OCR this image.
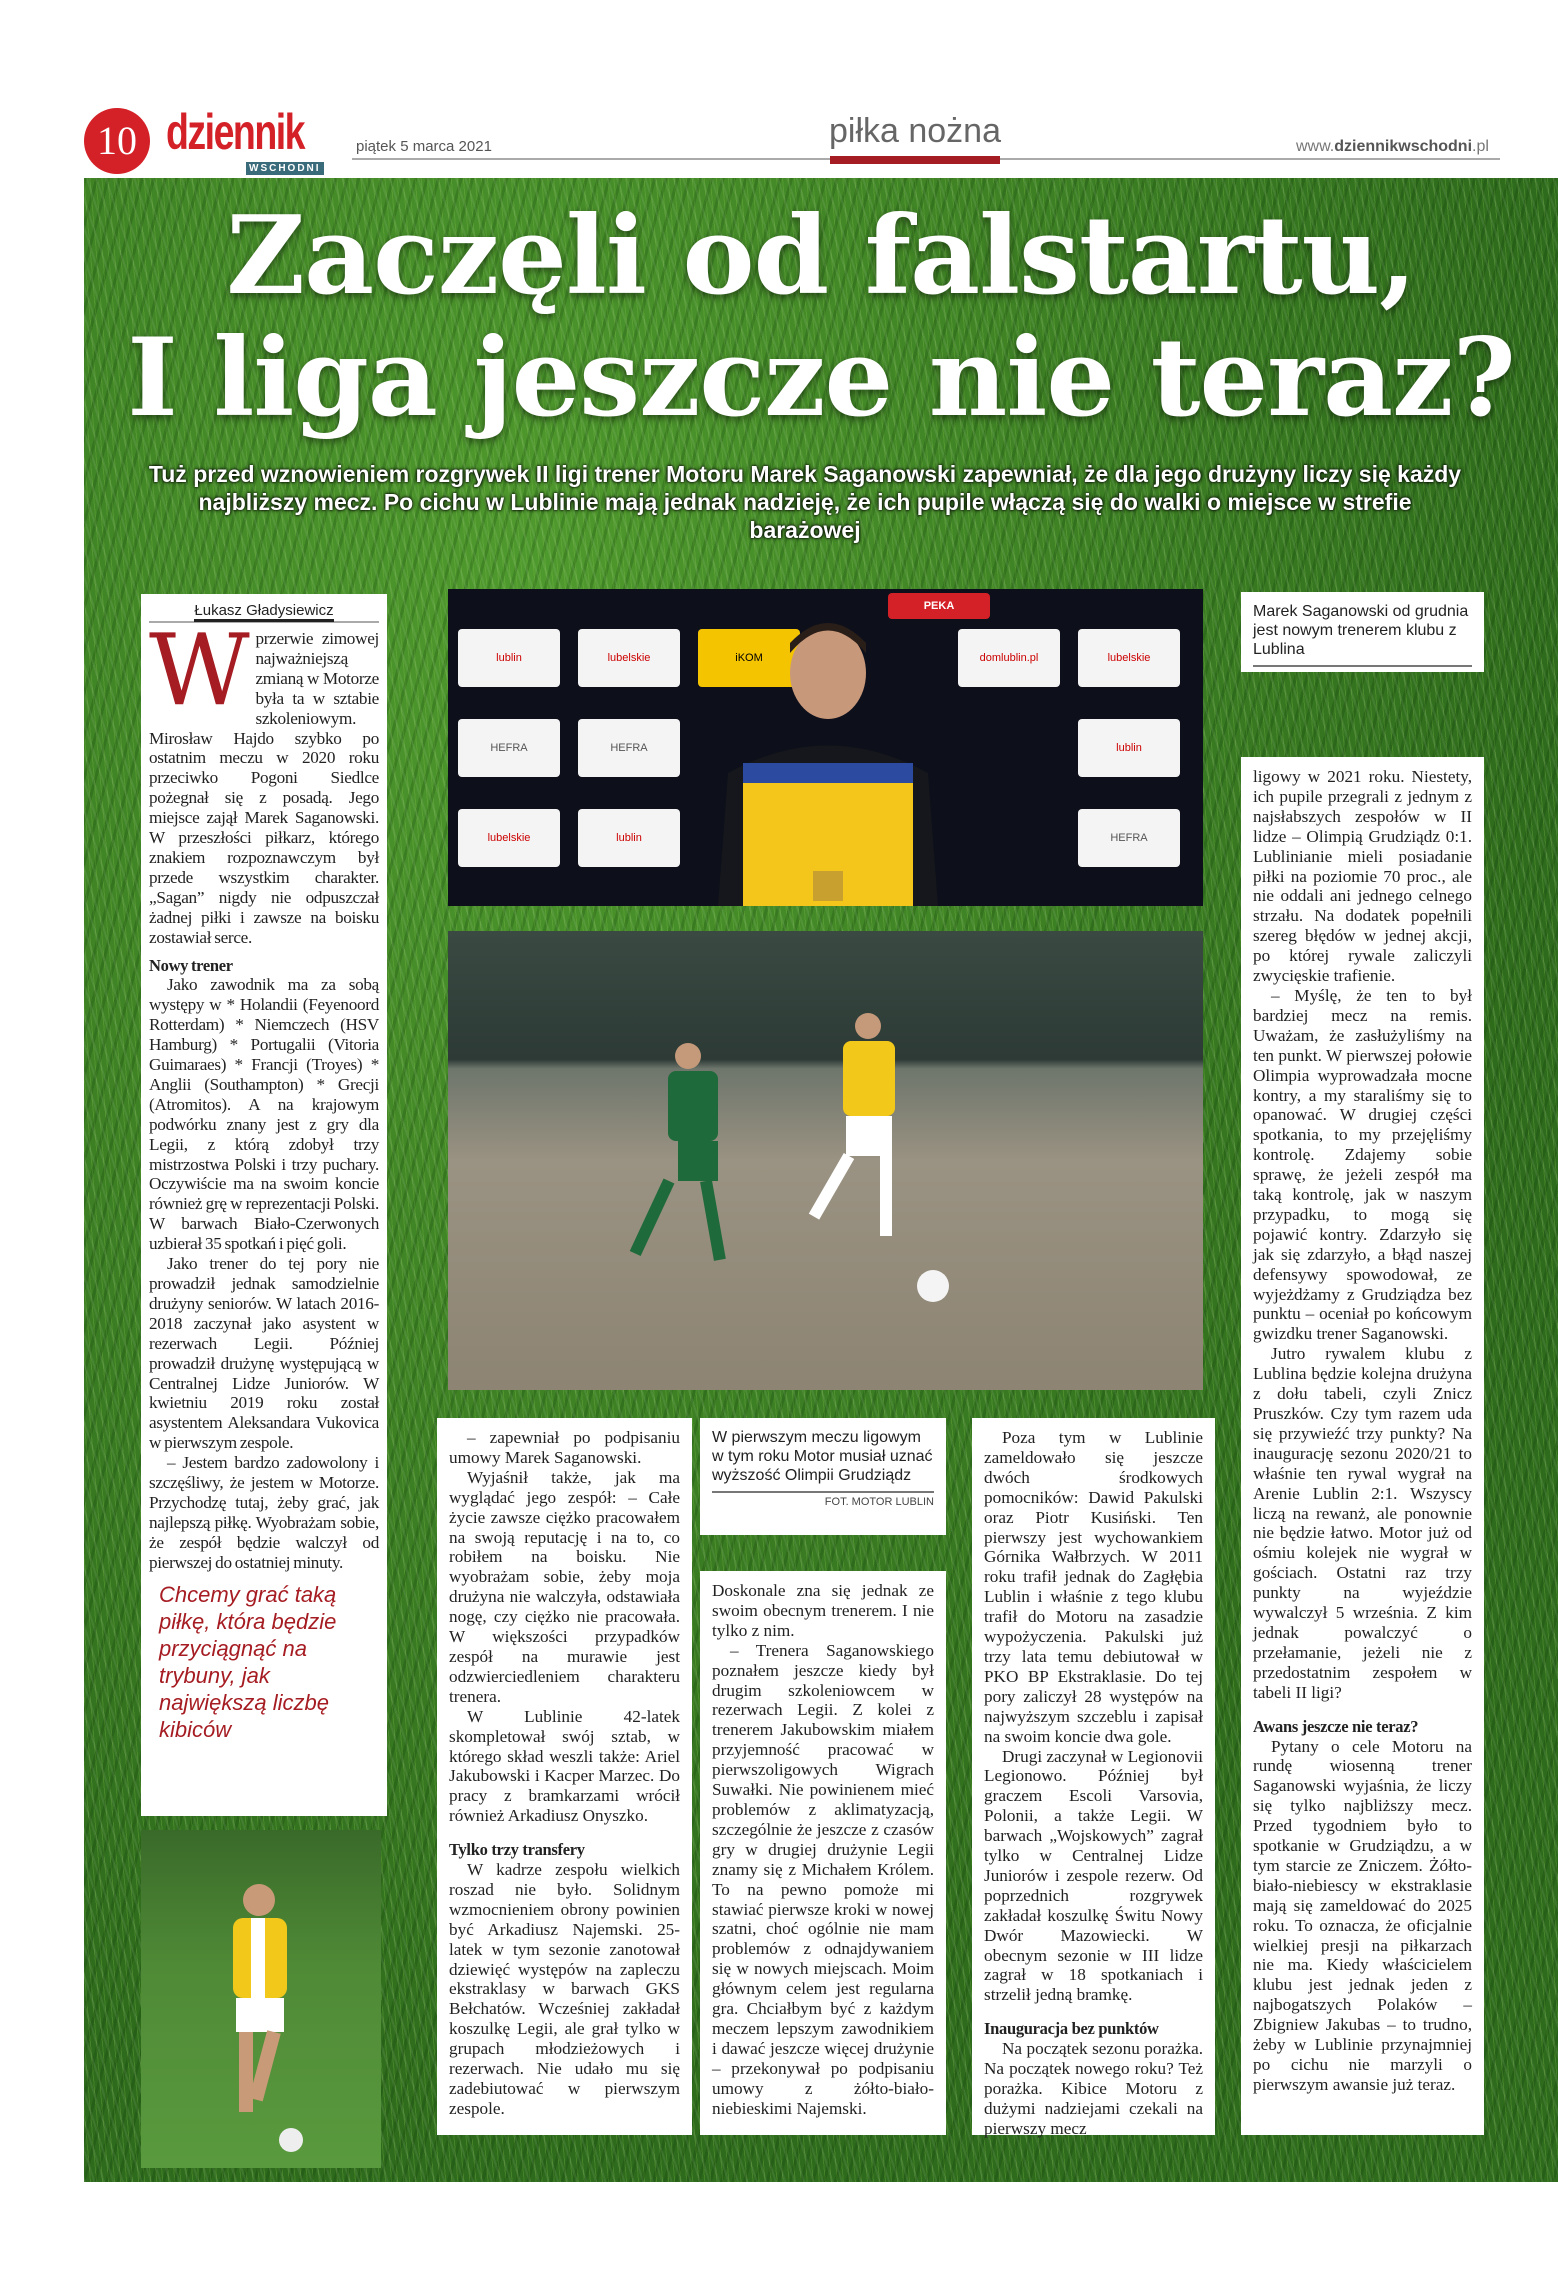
10 dziennik
WSCHODNI
piątek 5 marca 2021	piłka nożna	www.dziennikwschodni.pl
Zaczęli od falstartu,
I liga jeszcze nie teraz?
Tuż przed wznowieniem rozgrywek II ligi trener Motoru Marek Saganowski zapewniał, że dla jego drużyny liczy się każdy najbliższy mecz. Po cichu w Lublinie mają jednak nadzieję, że ich pupile włączą się do walki o miejsce w strefie barażowej
Łukasz Gładysiewicz
W przerwie zimowej najważniejszą zmianą w Motorze była ta w sztabie szkoleniowym. Mirosław Hajdo szybko po ostatnim meczu w 2020 roku przeciwko Pogoni Siedlce pożegnał się z posadą. Jego miejsce zajął Marek Saganowski. W przeszłości piłkarz, którego znakiem rozpoznawczym był przede wszystkim charakter. „Sagan” nigdy nie odpuszczał żadnej piłki i zawsze na boisku zostawiał serce.

Nowy trener

Jako zawodnik ma za sobą występy w * Holandii (Feyenoord Rotterdam) * Niemczech (HSV Hamburg) * Portugalii (Vitoria Guimaraes) * Francji (Troyes) * Anglii (Southampton) * Grecji (Atromitos). A na krajowym podwórku znany jest z gry dla Legii, z którą zdobył trzy mistrzostwa Polski i trzy puchary. Oczywiście ma na swoim koncie również grę w reprezentacji Polski. W barwach Biało-Czerwonych uzbierał 35 spotkań i pięć goli.

Jako trener do tej pory nie prowadził jednak samodzielnie drużyny seniorów. W latach 2016-2018 zaczynał jako asystent w rezerwach Legii. Później prowadził drużynę występującą w Centralnej Lidze Juniorów. W kwietniu 2019 roku został asystentem Aleksandara Vukovica w pierwszym zespole.

– Jestem bardzo zadowolony i szczęśliwy, że jestem w Motorze. Przychodzę tutaj, żeby grać, jak najlepszą piłkę. Wyobrażam sobie, że zespół będzie walczył od pierwszej do ostatniej minuty.

Chcemy grać taką piłkę, która będzie przyciągnąć na trybuny, jak największą liczbę kibiców
PEKA
lublin	lubelskie	iKOM	domlublin.pl	lubelskie
HEFRA	HEFRA	lublin
lubelskie	lublin	HEFRA
Marek Saganowski od grudnia jest nowym trenerem klubu z Lublina

ligowy w 2021 roku. Niestety, ich pupile przegrali z jednym z najsłabszych zespołów w II lidze – Olimpią Grudziądz 0:1. Lublinianie mieli posiadanie piłki na poziomie 70 proc., ale nie oddali ani jednego celnego strzału. Na dodatek popełnili szereg błędów w jednej akcji, po której rywale zaliczyli zwycięskie trafienie.

– Myślę, że ten to był bardziej mecz na remis. Uważam, że zasłużyliśmy na ten punkt. W pierwszej połowie Olimpia wyprowadzała mocne kontry, a my staraliśmy się to opanować. W drugiej części spotkania, to my przejęliśmy kontrolę. Zdajemy sobie sprawę, że jeżeli zespół ma taką kontrolę, jak w naszym przypadku, to mogą się pojawić kontry. Zdarzyło się jak się zdarzyło, a błąd naszej defensywy spowodował, ze wyjeżdżamy z Grudziądza bez punktu – oceniał po końcowym gwizdku trener Saganowski.

Jutro rywalem klubu z Lublina będzie kolejna drużyna z dołu tabeli, czyli Znicz Pruszków. Czy tym razem uda się przywieźć trzy punkty? Na inaugurację sezonu 2020/21 to właśnie ten rywal wygrał na Arenie Lublin 2:1. Wszyscy liczą na rewanż, ale ponownie nie będzie łatwo. Motor już od ośmiu kolejek nie wygrał w gościach. Ostatni raz trzy punkty na wyjeździe wywalczył 5 września. Z kim jednak powalczyć o przełamanie, jeżeli nie z przedostatnim zespołem w tabeli II ligi?

Awans jeszcze nie teraz?

Pytany o cele Motoru na rundę wiosenną trener Saganowski wyjaśnia, że liczy się tylko najbliższy mecz. Przed tygodniem było to spotkanie w Grudziądzu, a w tym starcie ze Zniczem. Żółto-biało-niebiescy w ekstraklasie mają się zameldować do 2025 roku. To oznacza, że oficjalnie wielkiej presji na piłkarzach nie ma. Kiedy właścicielem klubu jest jednak jeden z najbogatszych Polaków – Zbigniew Jakubas – to trudno, żeby w Lublinie przynajmniej po cichu nie marzyli o pierwszym awansie już teraz.

– zapewniał po podpisaniu umowy Marek Saganowski.

Wyjaśnił także, jak ma wyglądać jego zespół: – Całe życie zawsze ciężko pracowałem na swoją reputację i na to, co robiłem na boisku. Nie wyobrażam sobie, żeby moja drużyna nie walczyła, odstawiała nogę, czy ciężko nie pracowała. W większości przypadków zespół na murawie jest odzwierciedleniem charakteru trenera.

W Lublinie 42-latek skompletował swój sztab, w którego skład weszli także: Ariel Jakubowski i Kacper Marzec. Do pracy z bramkarzami wrócił również Arkadiusz Onyszko.

Tylko trzy transfery

W kadrze zespołu wielkich roszad nie było. Solidnym wzmocnieniem obrony powinien być Arkadiusz Najemski. 25-latek w tym sezonie zanotował dziewięć występów na zapleczu ekstraklasy w barwach GKS Bełchatów. Wcześniej zakładał koszulkę Legii, ale grał tylko w grupach młodzieżowych i rezerwach. Nie udało mu się zadebiutować w pierwszym zespole.

W pierwszym meczu ligowym w tym roku Motor musiał uznać wyższość Olimpii Grudziądz
FOT. MOTOR LUBLIN

Doskonale zna się jednak ze swoim obecnym trenerem. I nie tylko z nim.

– Trenera Saganowskiego poznałem jeszcze kiedy był drugim szkoleniowcem w rezerwach Legii. Z kolei z trenerem Jakubowskim miałem przyjemność pracować w pierwszoligowych Wigrach Suwałki. Nie powinienem mieć problemów z aklimatyzacją, szczególnie że jeszcze z czasów gry w drugiej drużynie Legii znamy się z Michałem Królem. To na pewno pomoże mi stawiać pierwsze kroki w nowej szatni, choć ogólnie nie mam problemów z odnajdywaniem się w nowych miejscach. Moim głównym celem jest regularna gra. Chciałbym być z każdym meczem lepszym zawodnikiem i dawać jeszcze więcej drużynie – przekonywał po podpisaniu umowy z żółto-biało-niebieskimi Najemski.

Poza tym w Lublinie zameldowało się jeszcze dwóch środkowych pomocników: Dawid Pakulski oraz Piotr Kusiński. Ten pierwszy jest wychowankiem Górnika Wałbrzych. W 2011 roku trafił jednak do Zagłębia Lublin i właśnie z tego klubu trafił do Motoru na zasadzie wypożyczenia. Pakulski już trzy lata temu debiutował w PKO BP Ekstraklasie. Do tej pory zaliczył 28 występów na najwyższym szczeblu i zapisał na swoim koncie dwa gole.

Drugi zaczynał w Legionovii Legionowo. Później był graczem Escoli Varsovia, Polonii, a także Legii. W barwach „Wojskowych” zagrał tylko w Centralnej Lidze Juniorów i zespole rezerw. Od poprzednich rozgrywek zakładał koszulkę Świtu Nowy Dwór Mazowiecki. W obecnym sezonie w III lidze zagrał w 18 spotkaniach i strzelił jedną bramkę.

Inauguracja bez punktów

Na początek sezonu porażka. Na początek nowego roku? Też porażka. Kibice Motoru z dużymi nadziejami czekali na pierwszy mecz
